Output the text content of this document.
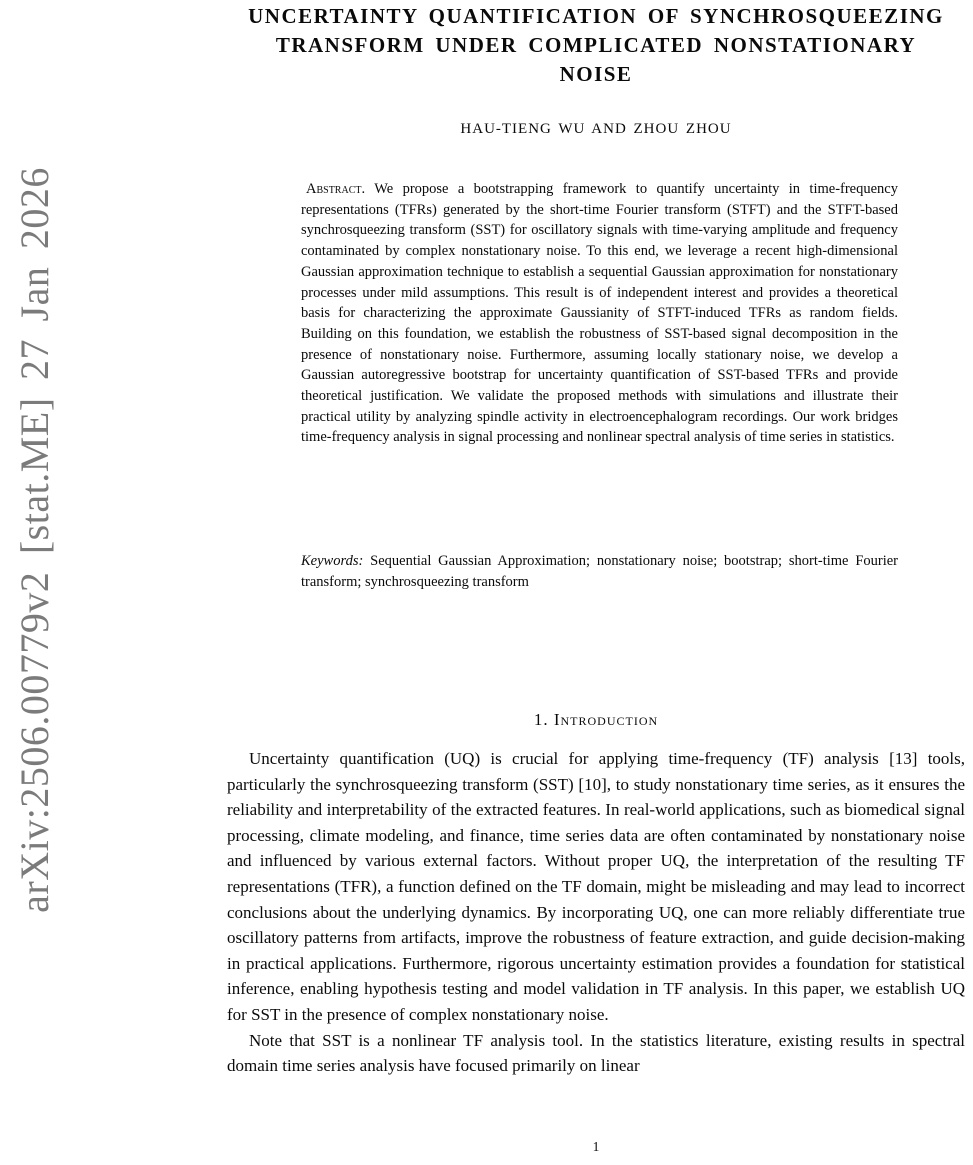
arXiv:2506.00779v2 [stat.ME] 27 Jan 2026
UNCERTAINTY QUANTIFICATION OF SYNCHROSQUEEZING
TRANSFORM UNDER COMPLICATED NONSTATIONARY
NOISE
HAU-TIENG WU AND ZHOU ZHOU

Abstract. We propose a bootstrapping framework to quantify uncertainty in time-frequency representations (TFRs) generated by the short-time Fourier transform (STFT) and the STFT-based synchrosqueezing transform (SST) for oscillatory signals with time-varying amplitude and frequency contaminated by complex nonstationary noise. To this end, we leverage a recent high-dimensional Gaussian approximation technique to establish a sequential Gaussian approximation for nonstationary processes under mild assumptions. This result is of independent interest and provides a theoretical basis for characterizing the approximate Gaussianity of STFT-induced TFRs as random fields. Building on this foundation, we establish the robustness of SST-based signal decomposition in the presence of nonstationary noise. Furthermore, assuming locally stationary noise, we develop a Gaussian autoregressive bootstrap for uncertainty quantification of SST-based TFRs and provide theoretical justification. We validate the proposed methods with simulations and illustrate their practical utility by analyzing spindle activity in electroencephalogram recordings. Our work bridges time-frequency analysis in signal processing and nonlinear spectral analysis of time series in statistics.

Keywords: Sequential Gaussian Approximation; nonstationary noise; bootstrap; short-time Fourier transform; synchrosqueezing transform

1. Introduction

Uncertainty quantification (UQ) is crucial for applying time-frequency (TF) analysis [13] tools, particularly the synchrosqueezing transform (SST) [10], to study nonstationary time series, as it ensures the reliability and interpretability of the extracted features. In real-world applications, such as biomedical signal processing, climate modeling, and finance, time series data are often contaminated by nonstationary noise and influenced by various external factors. Without proper UQ, the interpretation of the resulting TF representations (TFR), a function defined on the TF domain, might be misleading and may lead to incorrect conclusions about the underlying dynamics. By incorporating UQ, one can more reliably differentiate true oscillatory patterns from artifacts, improve the robustness of feature extraction, and guide decision-making in practical applications. Furthermore, rigorous uncertainty estimation provides a foundation for statistical inference, enabling hypothesis testing and model validation in TF analysis. In this paper, we establish UQ for SST in the presence of complex nonstationary noise.

Note that SST is a nonlinear TF analysis tool. In the statistics literature, existing results in spectral domain time series analysis have focused primarily on linear

1
